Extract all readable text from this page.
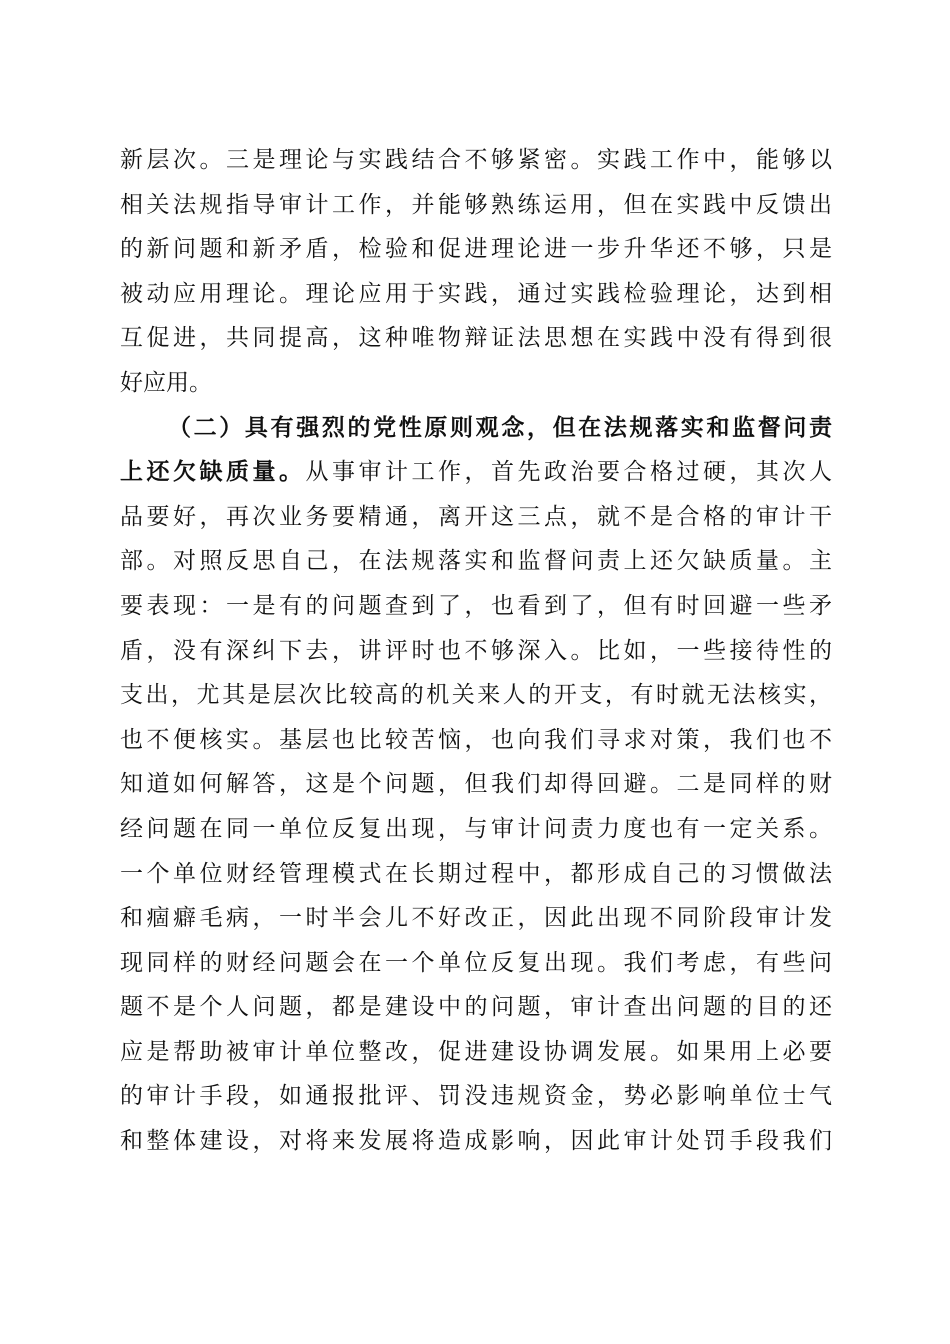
新层次。三是理论与实践结合不够紧密。实践工作中，能够以
相关法规指导审计工作，并能够熟练运用，但在实践中反馈出
的新问题和新矛盾，检验和促进理论进一步升华还不够，只是
被动应用理论。理论应用于实践，通过实践检验理论，达到相
互促进，共同提高，这种唯物辩证法思想在实践中没有得到很
好应用。
（二）具有强烈的党性原则观念，但在法规落实和监督问责
上还欠缺质量。从事审计工作，首先政治要合格过硬，其次人
品要好，再次业务要精通，离开这三点，就不是合格的审计干
部。对照反思自己，在法规落实和监督问责上还欠缺质量。主
要表现：一是有的问题查到了，也看到了，但有时回避一些矛
盾，没有深纠下去，讲评时也不够深入。比如，一些接待性的
支出，尤其是层次比较高的机关来人的开支，有时就无法核实，
也不便核实。基层也比较苦恼，也向我们寻求对策，我们也不
知道如何解答，这是个问题，但我们却得回避。二是同样的财
经问题在同一单位反复出现，与审计问责力度也有一定关系。
一个单位财经管理模式在长期过程中，都形成自己的习惯做法
和痼癖毛病，一时半会儿不好改正，因此出现不同阶段审计发
现同样的财经问题会在一个单位反复出现。我们考虑，有些问
题不是个人问题，都是建设中的问题，审计查出问题的目的还
应是帮助被审计单位整改，促进建设协调发展。如果用上必要
的审计手段，如通报批评、罚没违规资金，势必影响单位士气
和整体建设，对将来发展将造成影响，因此审计处罚手段我们
